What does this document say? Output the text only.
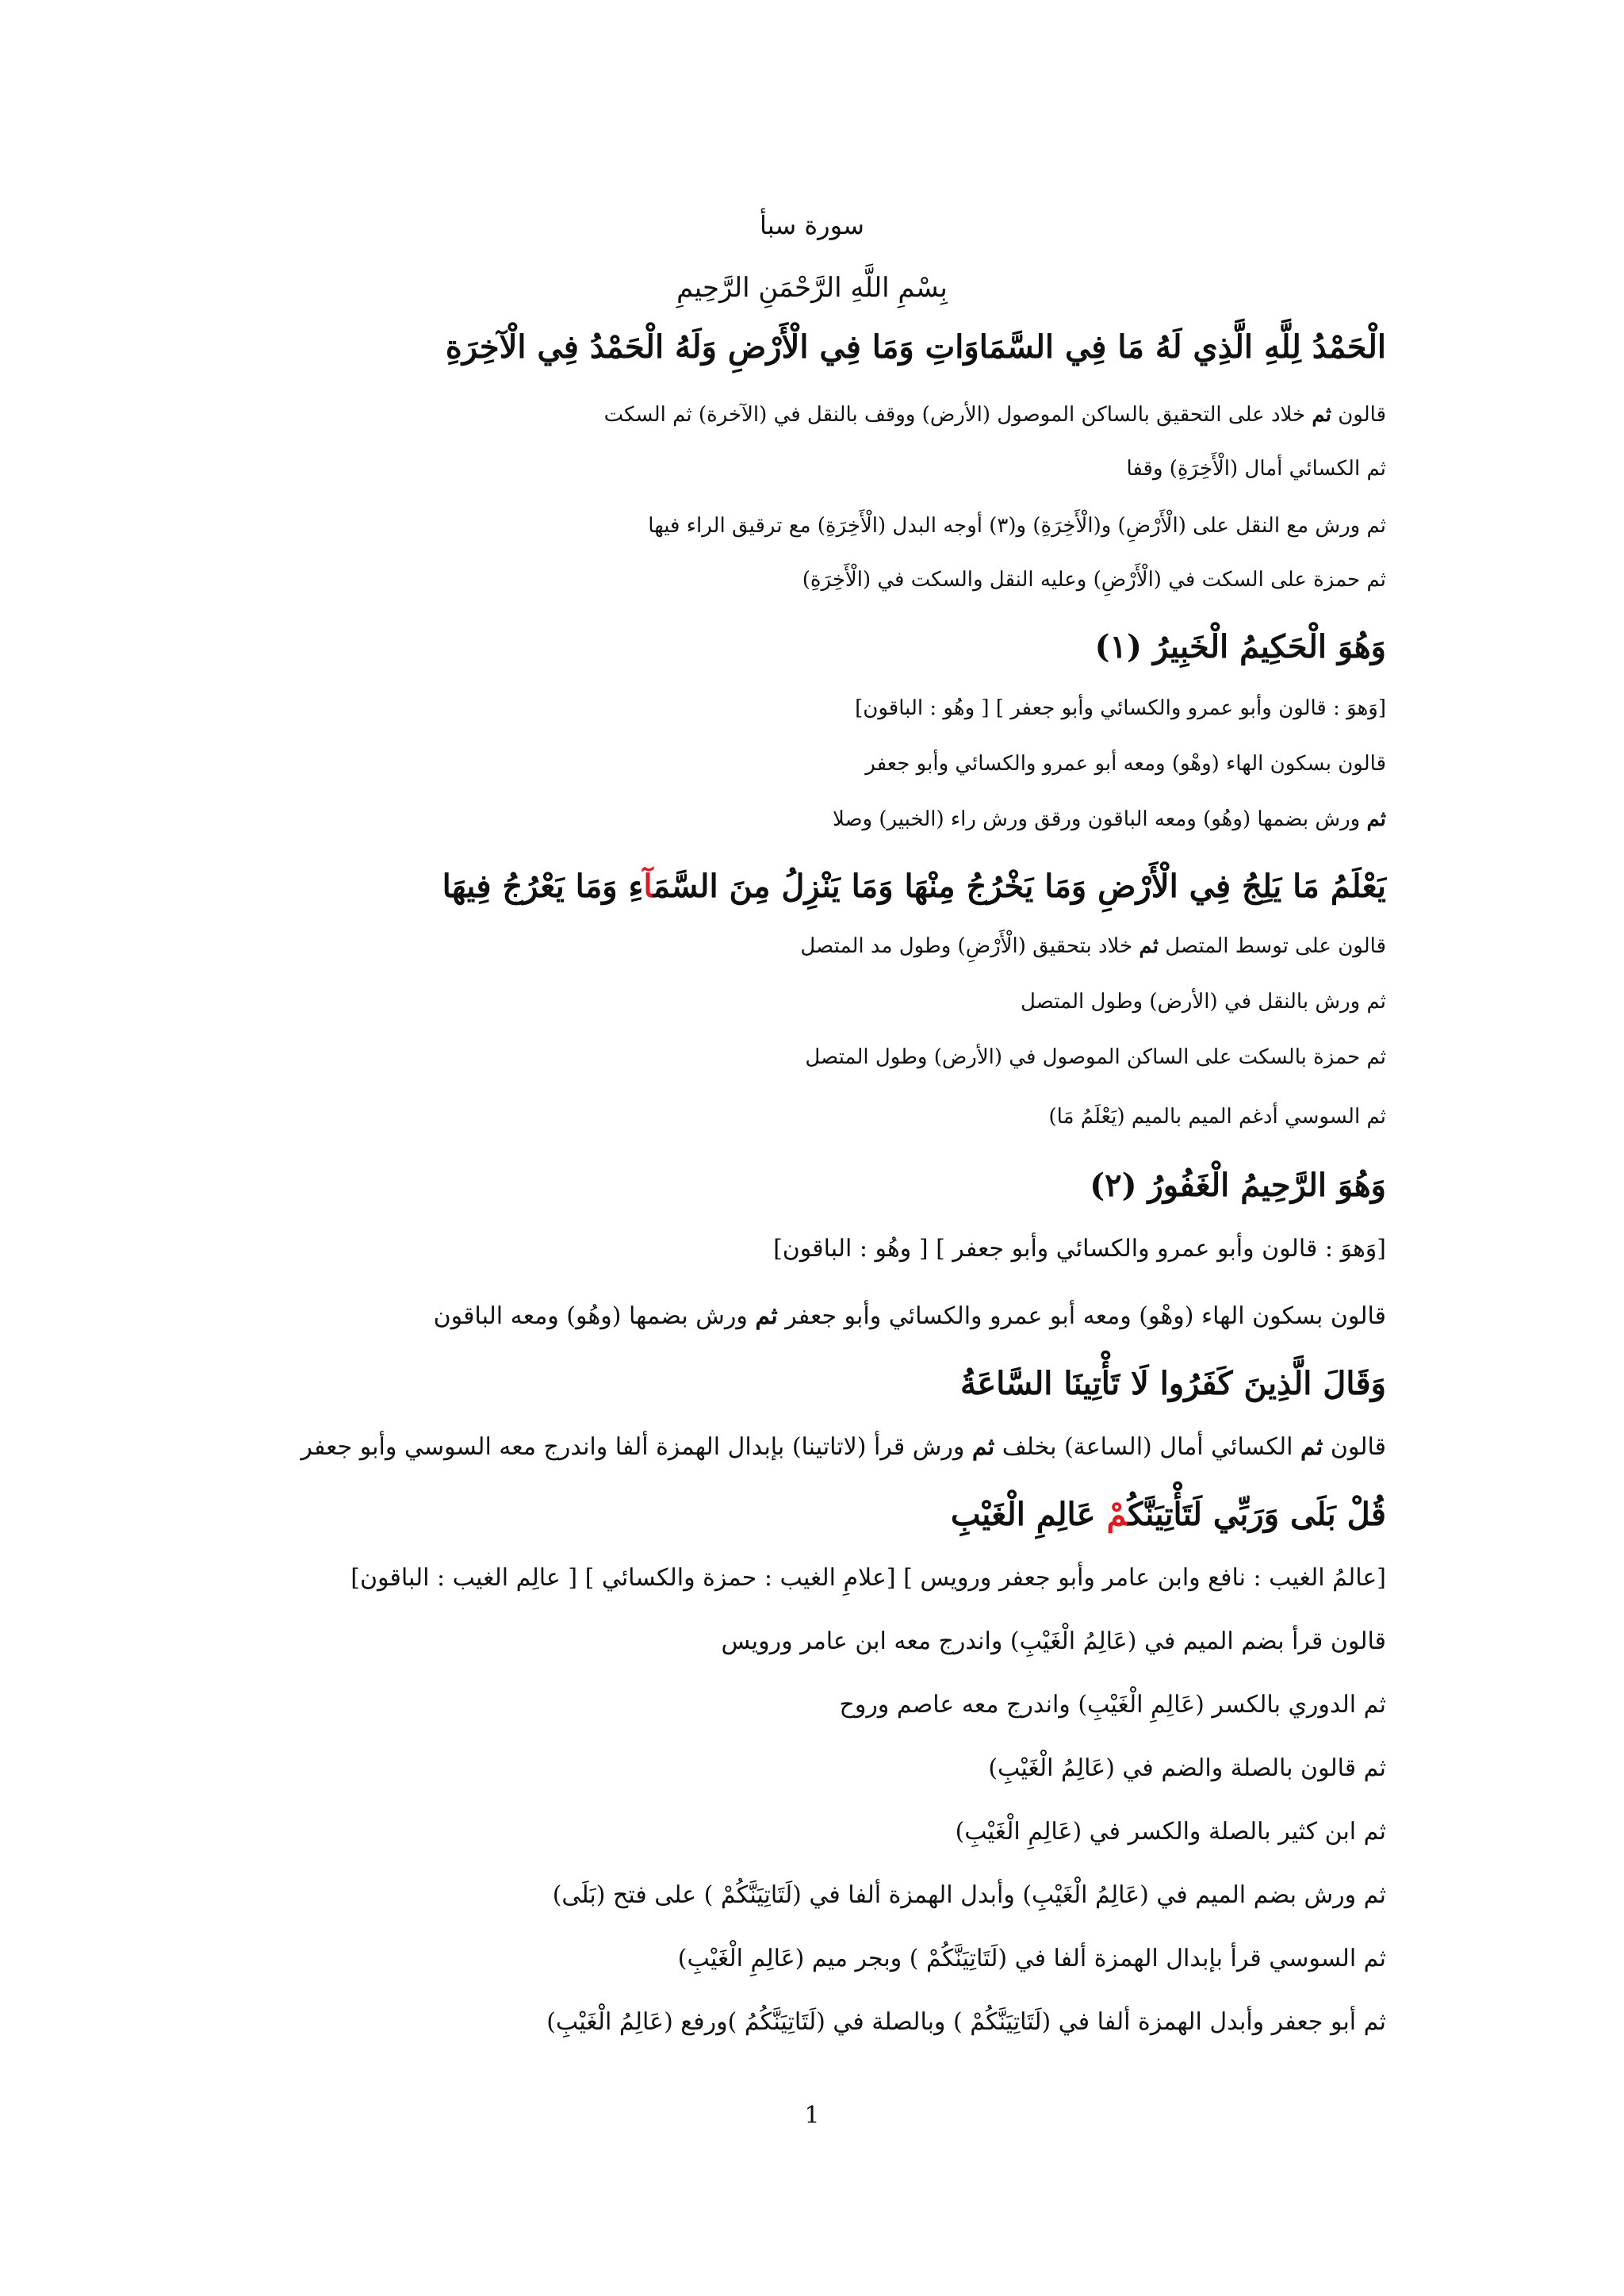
سورة سبأ
بِسْمِ اللَّهِ الرَّحْمَنِ الرَّحِيمِ
الْحَمْدُ لِلَّهِ الَّذِي لَهُ مَا فِي السَّمَاوَاتِ وَمَا فِي الْأَرْضِ وَلَهُ الْحَمْدُ فِي الْآخِرَةِ
قالون ثم خلاد على التحقيق بالساكن الموصول (الأرض) ووقف بالنقل في (الآخرة) ثم السكت
ثم الكسائي أمال (الْأَخِرَةِ) وقفا
ثم ورش مع النقل على (الْأَرْضِ) و(الْأَخِرَةِ) و(٣) أوجه البدل (الْأَخِرَةِ) مع ترقيق الراء فيها
ثم حمزة على السكت في (الْأَرْضِ) وعليه النقل والسكت في (الْأَخِرَةِ)
وَهُوَ الْحَكِيمُ الْخَبِيرُ (١)
[وَهوَ : قالون وأبو عمرو والكسائي وأبو جعفر ] [ وهُو : الباقون]
قالون بسكون الهاء (وهْو) ومعه أبو عمرو والكسائي وأبو جعفر
ثم ورش بضمها (وهُو) ومعه الباقون ورقق ورش راء (الخبير) وصلا
يَعْلَمُ مَا يَلِجُ فِي الْأَرْضِ وَمَا يَخْرُجُ مِنْهَا وَمَا يَنْزِلُ مِنَ السَّمَآءِ وَمَا يَعْرُجُ فِيهَا
قالون على توسط المتصل ثم خلاد بتحقيق (الْأَرْضِ) وطول مد المتصل
ثم ورش بالنقل في (الأرض) وطول المتصل
ثم حمزة بالسكت على الساكن الموصول في (الأرض) وطول المتصل
ثم السوسي أدغم الميم بالميم (يَعْلَمُ مَا)
وَهُوَ الرَّحِيمُ الْغَفُورُ (٢)
[وَهوَ : قالون وأبو عمرو والكسائي وأبو جعفر ] [ وهُو : الباقون]
قالون بسكون الهاء (وهْو) ومعه أبو عمرو والكسائي وأبو جعفر ثم ورش بضمها (وهُو) ومعه الباقون
وَقَالَ الَّذِينَ كَفَرُوا لَا تَأْتِينَا السَّاعَةُ
قالون ثم الكسائي أمال (الساعة) بخلف ثم ورش قرأ (لاتاتينا) بإبدال الهمزة ألفا واندرج معه السوسي وأبو جعفر
قُلْ بَلَى وَرَبِّي لَتَأْتِيَنَّكُمْ عَالِمِ الْغَيْبِ
[عالمُ الغيب : نافع وابن عامر وأبو جعفر ورويس ] [علامِ الغيب : حمزة والكسائي ] [ عالِم الغيب : الباقون]
قالون قرأ بضم الميم في (عَالِمُ الْغَيْبِ) واندرج معه ابن عامر ورويس
ثم الدوري بالكسر (عَالِمِ الْغَيْبِ) واندرج معه عاصم وروح
ثم قالون بالصلة والضم في (عَالِمُ الْغَيْبِ)
ثم ابن كثير بالصلة والكسر في (عَالِمِ الْغَيْبِ)
ثم ورش بضم الميم في (عَالِمُ الْغَيْبِ) وأبدل الهمزة ألفا في (لَتَاتِيَنَّكُمْ ) على فتح (بَلَى)
ثم السوسي قرأ بإبدال الهمزة ألفا في (لَتَاتِيَنَّكُمْ ) وبجر ميم (عَالِمِ الْغَيْبِ)
ثم أبو جعفر وأبدل الهمزة ألفا في (لَتَاتِيَنَّكُمْ ) وبالصلة في (لَتَاتِيَنَّكُمُ )ورفع (عَالِمُ الْغَيْبِ)
1
